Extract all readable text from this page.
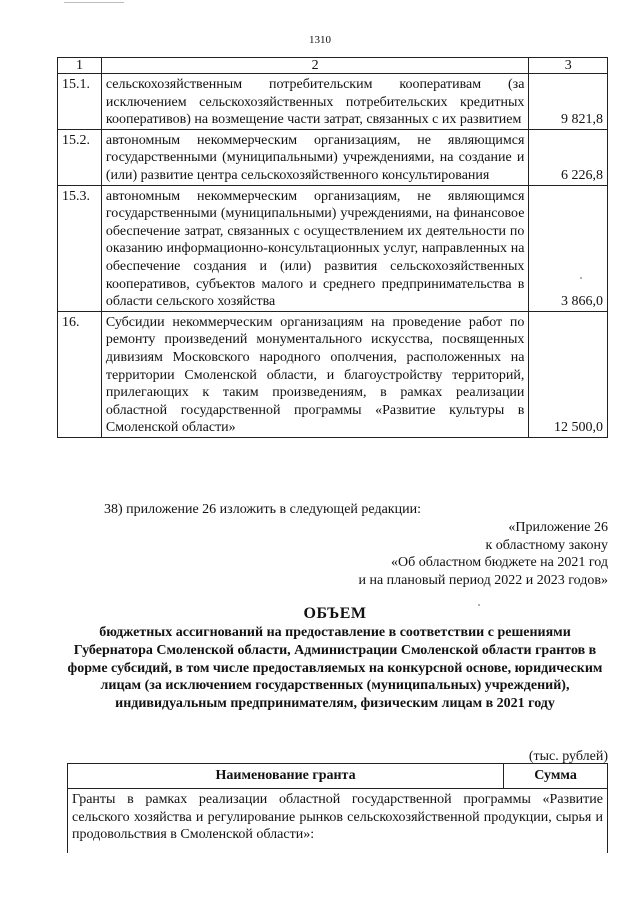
1310
1	2	3
15.1.	сельскохозяйственным потребительским кооперативам (за исключением сельскохозяйственных потребительских кредитных кооперативов) на возмещение части затрат, связанных с их развитием	9 821,8
15.2.	автономным некоммерческим организациям, не являющимся государственными (муниципальными) учреждениями, на создание и (или) развитие центра сельскохозяйственного консультирования	6 226,8
15.3.	автономным некоммерческим организациям, не являющимся государственными (муниципальными) учреждениями, на финансовое обеспечение затрат, связанных с осуществлением их деятельности по оказанию информационно-консультационных услуг, направленных на обеспечение создания и (или) развития сельскохозяйственных кооперативов, субъектов малого и среднего предпринимательства в области сельского хозяйства	3 866,0
16.	Субсидии некоммерческим организациям на проведение работ по ремонту произведений монументального искусства, посвященных дивизиям Московского народного ополчения, расположенных на территории Смоленской области, и благоустройству территорий, прилегающих к таким произведениям, в рамках реализации областной государственной программы «Развитие культуры в Смоленской области»	12 500,0
38) приложение 26 изложить в следующей редакции:
«Приложение 26
к областному закону
«Об областном бюджете на 2021 год
и на плановый период 2022 и 2023 годов»
ОБЪЕМ
бюджетных ассигнований на предоставление в соответствии с решениями Губернатора Смоленской области, Администрации Смоленской области грантов в форме субсидий, в том числе предоставляемых на конкурсной основе, юридическим лицам (за исключением государственных (муниципальных) учреждений), индивидуальным предпринимателям, физическим лицам в 2021 году
(тыс. рублей)
Наименование гранта	Сумма
Гранты в рамках реализации областной государственной программы «Развитие сельского хозяйства и регулирование рынков сельскохозяйственной продукции, сырья и продовольствия в Смоленской области»:
